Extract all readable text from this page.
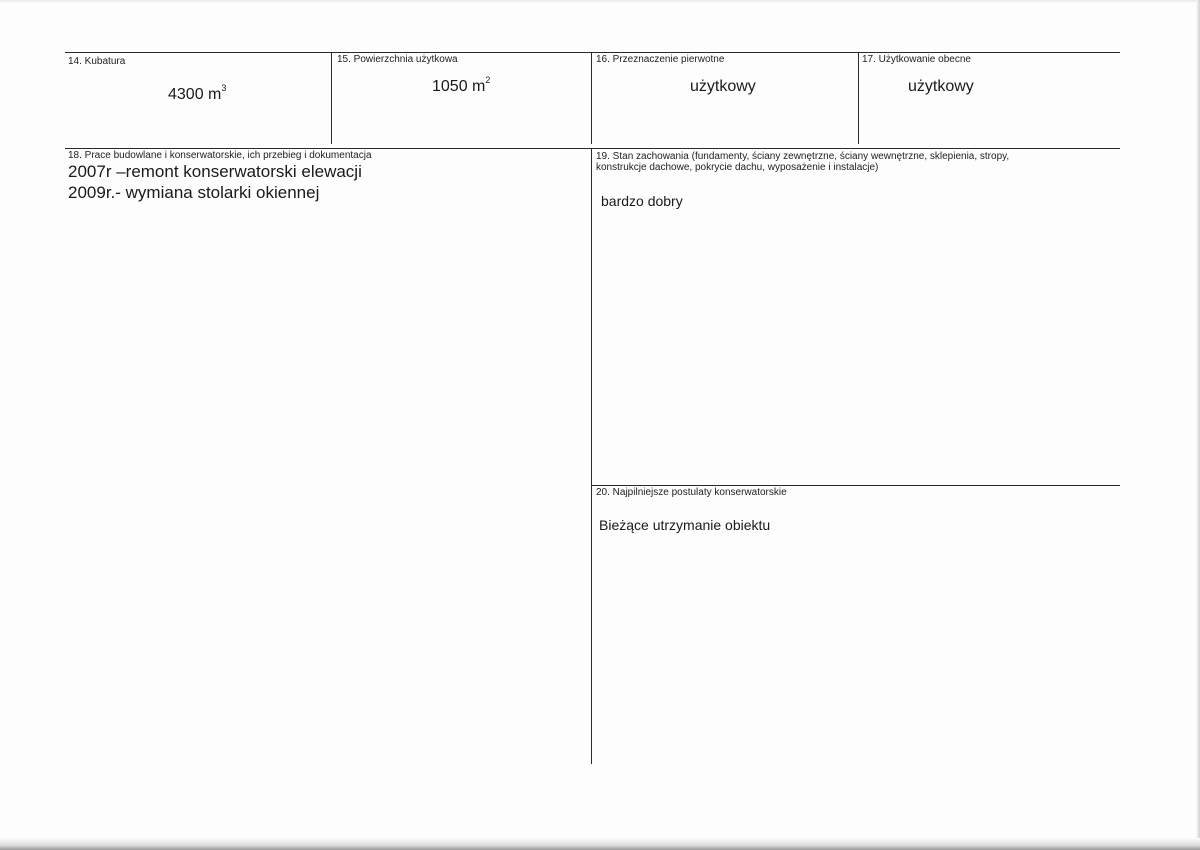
14. Kubatura
4300 $m^3$
15. Powierzchnia użytkowa
1050 $m^2$
16. Przeznaczenie pierwotne
użytkowy
17. Użytkowanie obecne
użytkowy
18. Prace budowlane i konserwatorskie, ich przebieg i dokumentacja
2007r –remont konserwatorski elewacji
2009r.- wymiana stolarki okiennej
19. Stan zachowania (fundamenty, ściany zewnętrzne, ściany wewnętrzne, sklepienia, stropy,
konstrukcje dachowe, pokrycie dachu, wyposażenie i instalacje)
bardzo dobry
20. Najpilniejsze postulaty konserwatorskie
Bieżące utrzymanie obiektu
